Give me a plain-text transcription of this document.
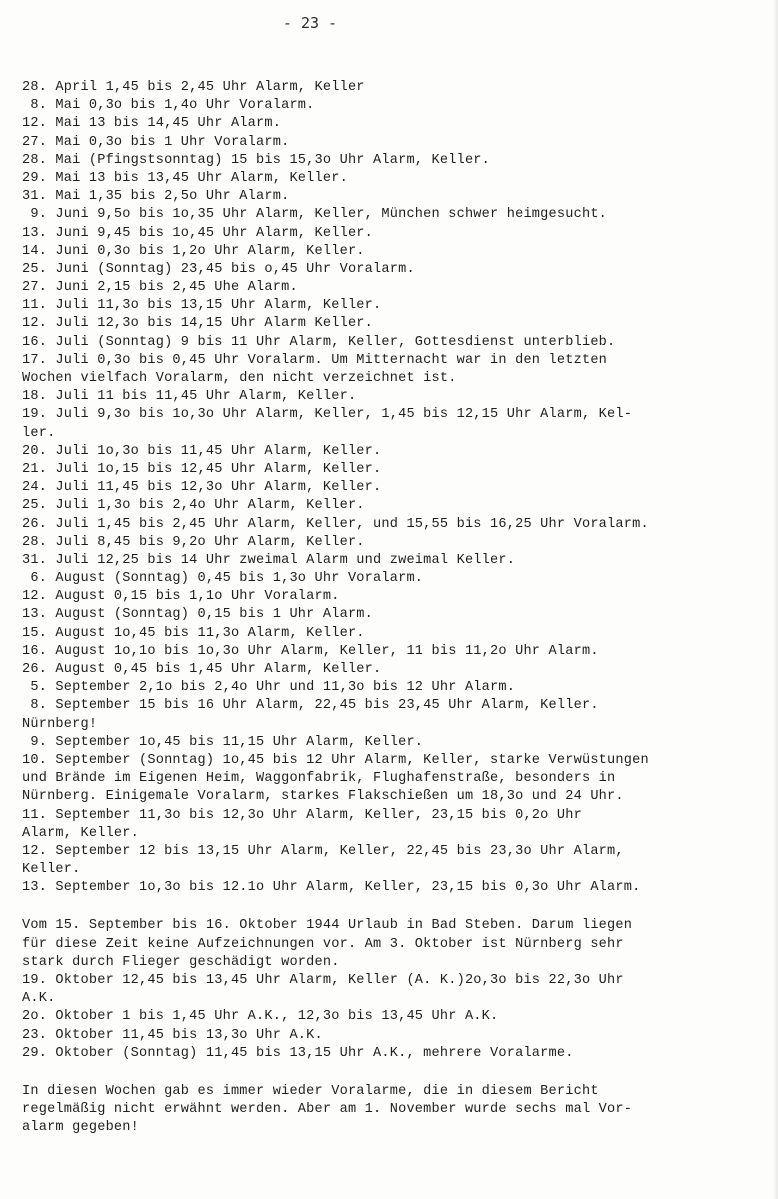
- 23 -
28. April 1,45 bis 2,45 Uhr Alarm, Keller
8. Mai 0,3o bis 1,4o Uhr Voralarm.
12. Mai 13 bis 14,45 Uhr Alarm.
27. Mai 0,3o bis 1 Uhr Voralarm.
28. Mai (Pfingstsonntag) 15 bis 15,3o Uhr Alarm, Keller.
29. Mai 13 bis 13,45 Uhr Alarm, Keller.
31. Mai 1,35 bis 2,5o Uhr Alarm.
9. Juni 9,5o bis 1o,35 Uhr Alarm, Keller, München schwer heimgesucht.
13. Juni 9,45 bis 1o,45 Uhr Alarm, Keller.
14. Juni 0,3o bis 1,2o Uhr Alarm, Keller.
25. Juni (Sonntag) 23,45 bis o,45 Uhr Voralarm.
27. Juni 2,15 bis 2,45 Uhe Alarm.
11. Juli 11,3o bis 13,15 Uhr Alarm, Keller.
12. Juli 12,3o bis 14,15 Uhr Alarm Keller.
16. Juli (Sonntag) 9 bis 11 Uhr Alarm, Keller, Gottesdienst unterblieb.
17. Juli 0,3o bis 0,45 Uhr Voralarm. Um Mitternacht war in den letzten
Wochen vielfach Voralarm, den nicht verzeichnet ist.
18. Juli 11 bis 11,45 Uhr Alarm, Keller.
19. Juli 9,3o bis 1o,3o Uhr Alarm, Keller, 1,45 bis 12,15 Uhr Alarm, Kel-
ler.
20. Juli 1o,3o bis 11,45 Uhr Alarm, Keller.
21. Juli 1o,15 bis 12,45 Uhr Alarm, Keller.
24. Juli 11,45 bis 12,3o Uhr Alarm, Keller.
25. Juli 1,3o bis 2,4o Uhr Alarm, Keller.
26. Juli 1,45 bis 2,45 Uhr Alarm, Keller, und 15,55 bis 16,25 Uhr Voralarm.
28. Juli 8,45 bis 9,2o Uhr Alarm, Keller.
31. Juli 12,25 bis 14 Uhr zweimal Alarm und zweimal Keller.
6. August (Sonntag) 0,45 bis 1,3o Uhr Voralarm.
12. August 0,15 bis 1,1o Uhr Voralarm.
13. August (Sonntag) 0,15 bis 1 Uhr Alarm.
15. August 1o,45 bis 11,3o Alarm, Keller.
16. August 1o,1o bis 1o,3o Uhr Alarm, Keller, 11 bis 11,2o Uhr Alarm.
26. August 0,45 bis 1,45 Uhr Alarm, Keller.
5. September 2,1o bis 2,4o Uhr und 11,3o bis 12 Uhr Alarm.
8. September 15 bis 16 Uhr Alarm, 22,45 bis 23,45 Uhr Alarm, Keller.
Nürnberg!
9. September 1o,45 bis 11,15 Uhr Alarm, Keller.
10. September (Sonntag) 1o,45 bis 12 Uhr Alarm, Keller, starke Verwüstungen
und Brände im Eigenen Heim, Waggonfabrik, Flughafenstraße, besonders in
Nürnberg. Einigemale Voralarm, starkes Flakschießen um 18,3o und 24 Uhr.
11. September 11,3o bis 12,3o Uhr Alarm, Keller, 23,15 bis 0,2o Uhr
Alarm, Keller.
12. September 12 bis 13,15 Uhr Alarm, Keller, 22,45 bis 23,3o Uhr Alarm,
Keller.
13. September 1o,3o bis 12.1o Uhr Alarm, Keller, 23,15 bis 0,3o Uhr Alarm.
Vom 15. September bis 16. Oktober 1944 Urlaub in Bad Steben. Darum liegen
für diese Zeit keine Aufzeichnungen vor. Am 3. Oktober ist Nürnberg sehr
stark durch Flieger geschädigt worden.
19. Oktober 12,45 bis 13,45 Uhr Alarm, Keller (A. K.)2o,3o bis 22,3o Uhr
A.K.
2o. Oktober 1 bis 1,45 Uhr A.K., 12,3o bis 13,45 Uhr A.K.
23. Oktober 11,45 bis 13,3o Uhr A.K.
29. Oktober (Sonntag) 11,45 bis 13,15 Uhr A.K., mehrere Voralarme.
In diesen Wochen gab es immer wieder Voralarme, die in diesem Bericht
regelmäßig nicht erwähnt werden. Aber am 1. November wurde sechs mal Vor-
alarm gegeben!
